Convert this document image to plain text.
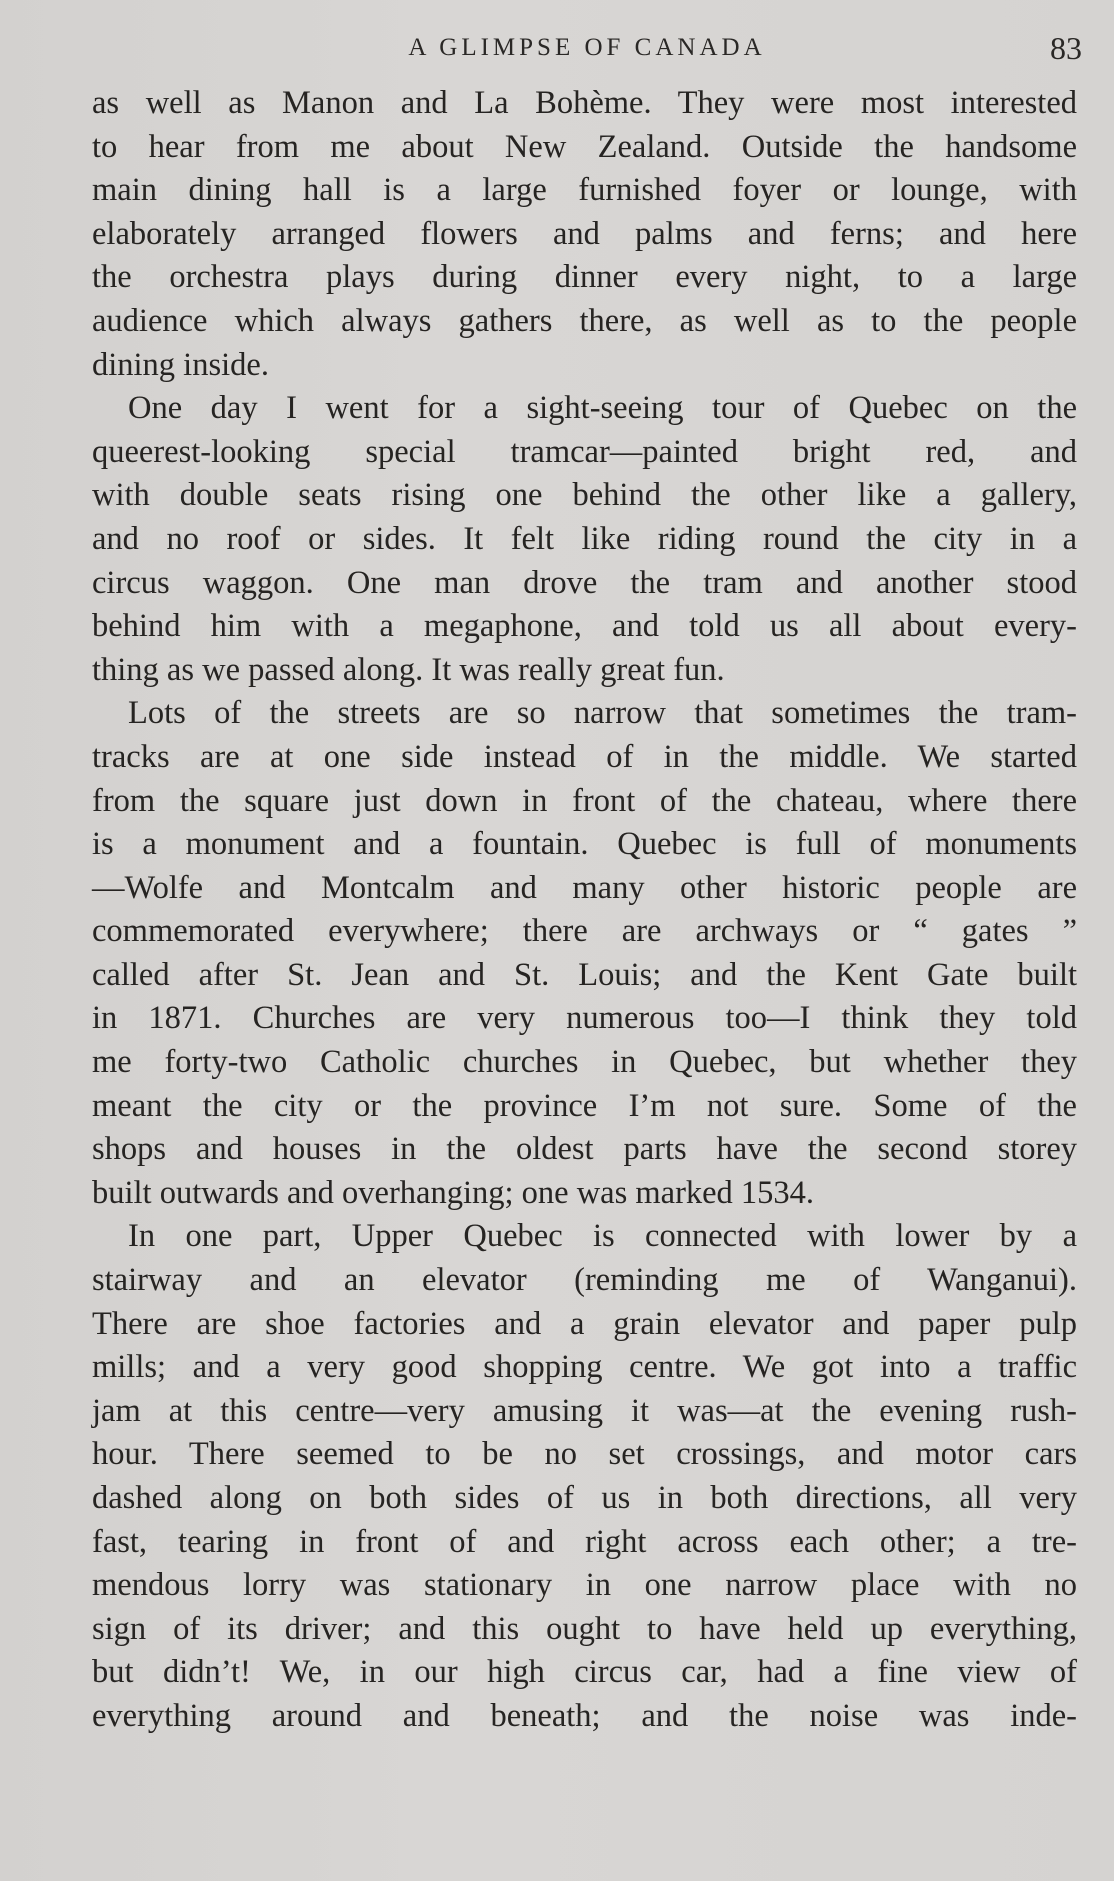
A GLIMPSE OF CANADA	83

as well as Manon and La Bohème. They were most interested
to hear from me about New Zealand. Outside the handsome
main dining hall is a large furnished foyer or lounge, with
elaborately arranged flowers and palms and ferns; and here
the orchestra plays during dinner every night, to a large
audience which always gathers there, as well as to the people
dining inside.

One day I went for a sight-seeing tour of Quebec on the
queerest-looking special tramcar—painted bright red, and
with double seats rising one behind the other like a gallery,
and no roof or sides. It felt like riding round the city in a
circus waggon. One man drove the tram and another stood
behind him with a megaphone, and told us all about every-
thing as we passed along. It was really great fun.

Lots of the streets are so narrow that sometimes the tram-
tracks are at one side instead of in the middle. We started
from the square just down in front of the chateau, where there
is a monument and a fountain. Quebec is full of monuments
—Wolfe and Montcalm and many other historic people are
commemorated everywhere; there are archways or “ gates ”
called after St. Jean and St. Louis; and the Kent Gate built
in 1871. Churches are very numerous too—I think they told
me forty-two Catholic churches in Quebec, but whether they
meant the city or the province I’m not sure. Some of the
shops and houses in the oldest parts have the second storey
built outwards and overhanging; one was marked 1534.

In one part, Upper Quebec is connected with lower by a
stairway and an elevator (reminding me of Wanganui).
There are shoe factories and a grain elevator and paper pulp
mills; and a very good shopping centre. We got into a traffic
jam at this centre—very amusing it was—at the evening rush-
hour. There seemed to be no set crossings, and motor cars
dashed along on both sides of us in both directions, all very
fast, tearing in front of and right across each other; a tre-
mendous lorry was stationary in one narrow place with no
sign of its driver; and this ought to have held up everything,
but didn’t! We, in our high circus car, had a fine view of
everything around and beneath; and the noise was inde-
